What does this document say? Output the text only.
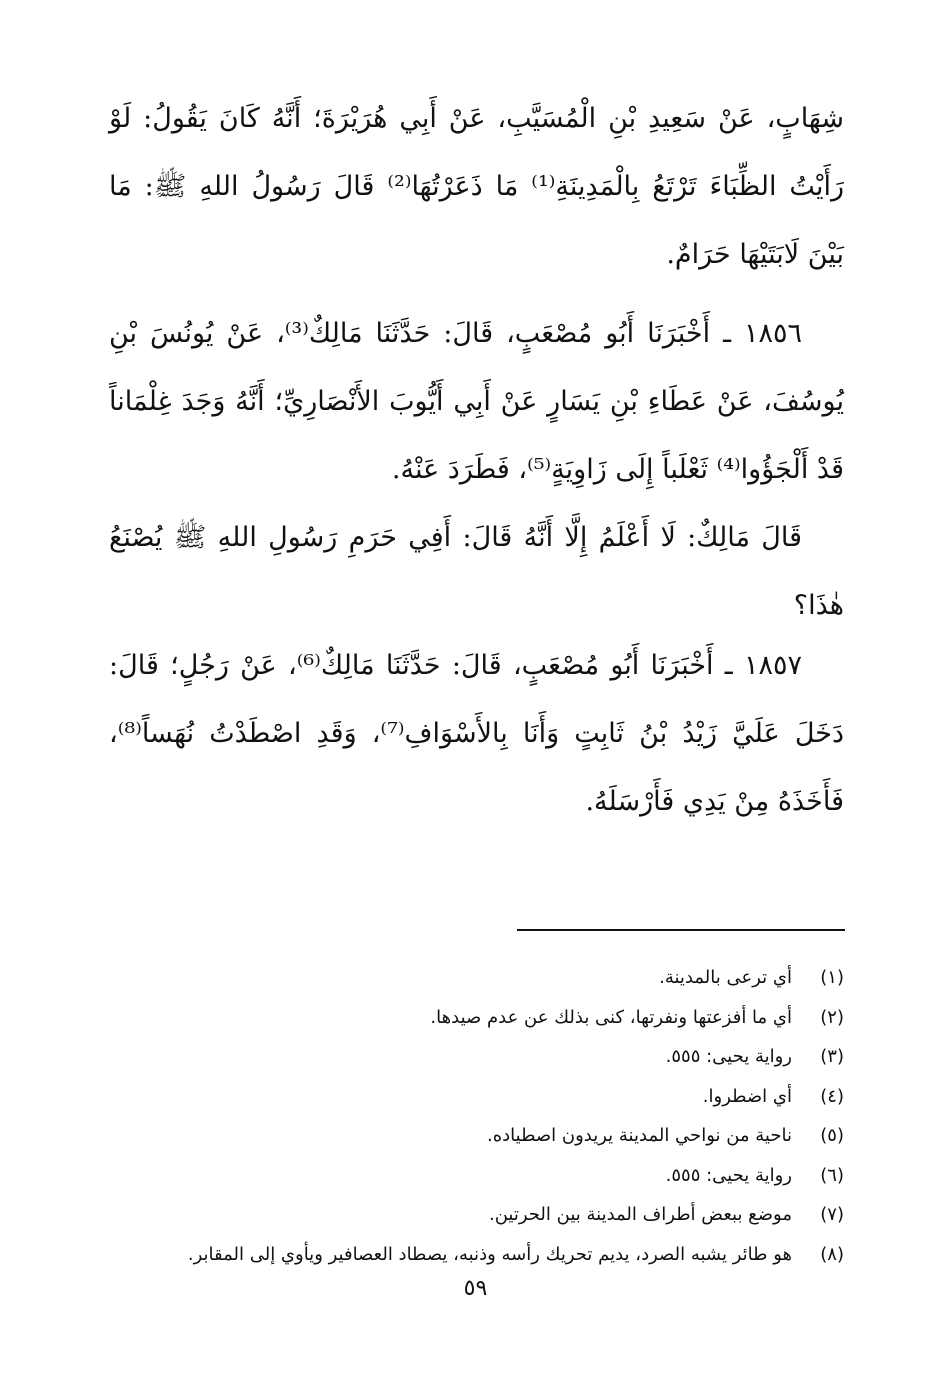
شِهَابٍ، عَنْ سَعِيدِ بْنِ الْمُسَيَّبِ، عَنْ أَبِي هُرَيْرَةَ؛ أَنَّهُ كَانَ يَقُولُ: لَوْ رَأَيْتُ الظِّبَاءَ تَرْتَعُ بِالْمَدِينَةِ⁽¹⁾ مَا ذَعَرْتُهَا⁽²⁾ قَالَ رَسُولُ اللهِ ﷺ: مَا بَيْنَ لَابَتَيْهَا حَرَامٌ.

١٨٥٦ ـ أَخْبَرَنَا أَبُو مُصْعَبٍ، قَالَ: حَدَّثَنَا مَالِكٌ⁽³⁾، عَنْ يُونُسَ بْنِ يُوسُفَ، عَنْ عَطَاءِ بْنِ يَسَارٍ عَنْ أَبِي أَيُّوبَ الأَنْصَارِيِّ؛ أَنَّهُ وَجَدَ غِلْمَاناً قَدْ أَلْجَؤُوا⁽⁴⁾ ثَعْلَباً إِلَى زَاوِيَةٍ⁽⁵⁾، فَطَرَدَ عَنْهُ.

قَالَ مَالِكٌ: لَا أَعْلَمُ إِلَّا أَنَّهُ قَالَ: أَفِي حَرَمِ رَسُولِ اللهِ ﷺ يُصْنَعُ هٰذَا؟

١٨٥٧ ـ أَخْبَرَنَا أَبُو مُصْعَبٍ، قَالَ: حَدَّثَنَا مَالِكٌ⁽⁶⁾، عَنْ رَجُلٍ؛ قَالَ: دَخَلَ عَلَيَّ زَيْدُ بْنُ ثَابِتٍ وَأَنَا بِالأَسْوَافِ⁽⁷⁾، وَقَدِ اصْطَدْتُ نُهَساً⁽⁸⁾، فَأَخَذَهُ مِنْ يَدِي فَأَرْسَلَهُ.

(١)
أي ترعى بالمدينة.
(٢)
أي ما أفزعتها ونفرتها، كنى بذلك عن عدم صيدها.
(٣)
رواية يحيى: ٥٥٥.
(٤)
أي اضطروا.
(٥)
ناحية من نواحي المدينة يريدون اصطياده.
(٦)
رواية يحيى: ٥٥٥.
(٧)
موضع ببعض أطراف المدينة بين الحرتين.
(٨)
هو طائر يشبه الصرد، يديم تحريك رأسه وذنبه، يصطاد العصافير ويأوي إلى المقابر.
٥٩
